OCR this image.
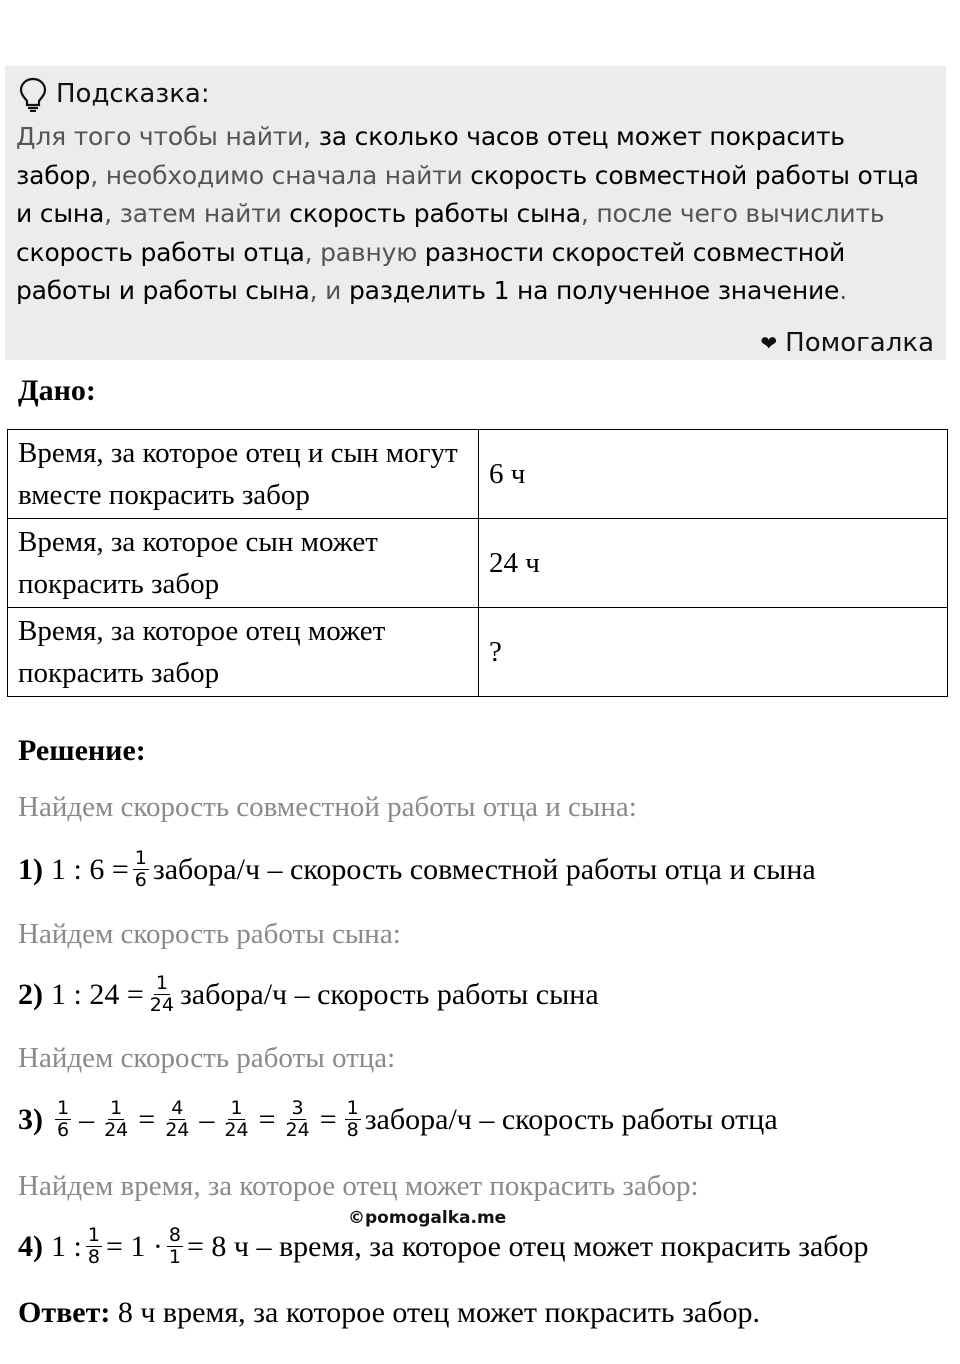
Подсказка:
Для того чтобы найти, за сколько часов отец может покрасить забор, необходимо сначала найти скорость совместной работы отца и сына, затем найти скорость работы сына, после чего вычислить скорость работы отца, равную разности скоростей совместной работы и работы сына, и разделить 1 на полученное значение.
❤ Помогалка
Дано:
Время, за которое отец и сын могут вместе покрасить забор	6 ч
Время, за которое сын может покрасить забор	24 ч
Время, за которое отец может покрасить забор	?
Решение:
Найдем скорость совместной работы отца и сына:
1) 1 : $6 = \frac{1}{6}$ забора/ч – скорость совместной работы отца и сына
Найдем скорость работы сына:
2) 1 : $24 = \frac{1}{24}$ забора/ч – скорость работы сына
Найдем скорость работы отца:
$3) \frac{1}{6} - \frac{1}{24} = \frac{4}{24} - \frac{1}{24} = \frac{3}{24} = \frac{1}{8}$ забора/ч – скорость работы отца
Найдем время, за которое отец может покрасить забор:
©pomogalka.me
4) 1 : $\frac{1}{8} = 1 \cdot \frac{8}{1} = 8$ ч – время, за которое отец может покрасить забор
Ответ: 8 ч время, за которое отец может покрасить забор.
